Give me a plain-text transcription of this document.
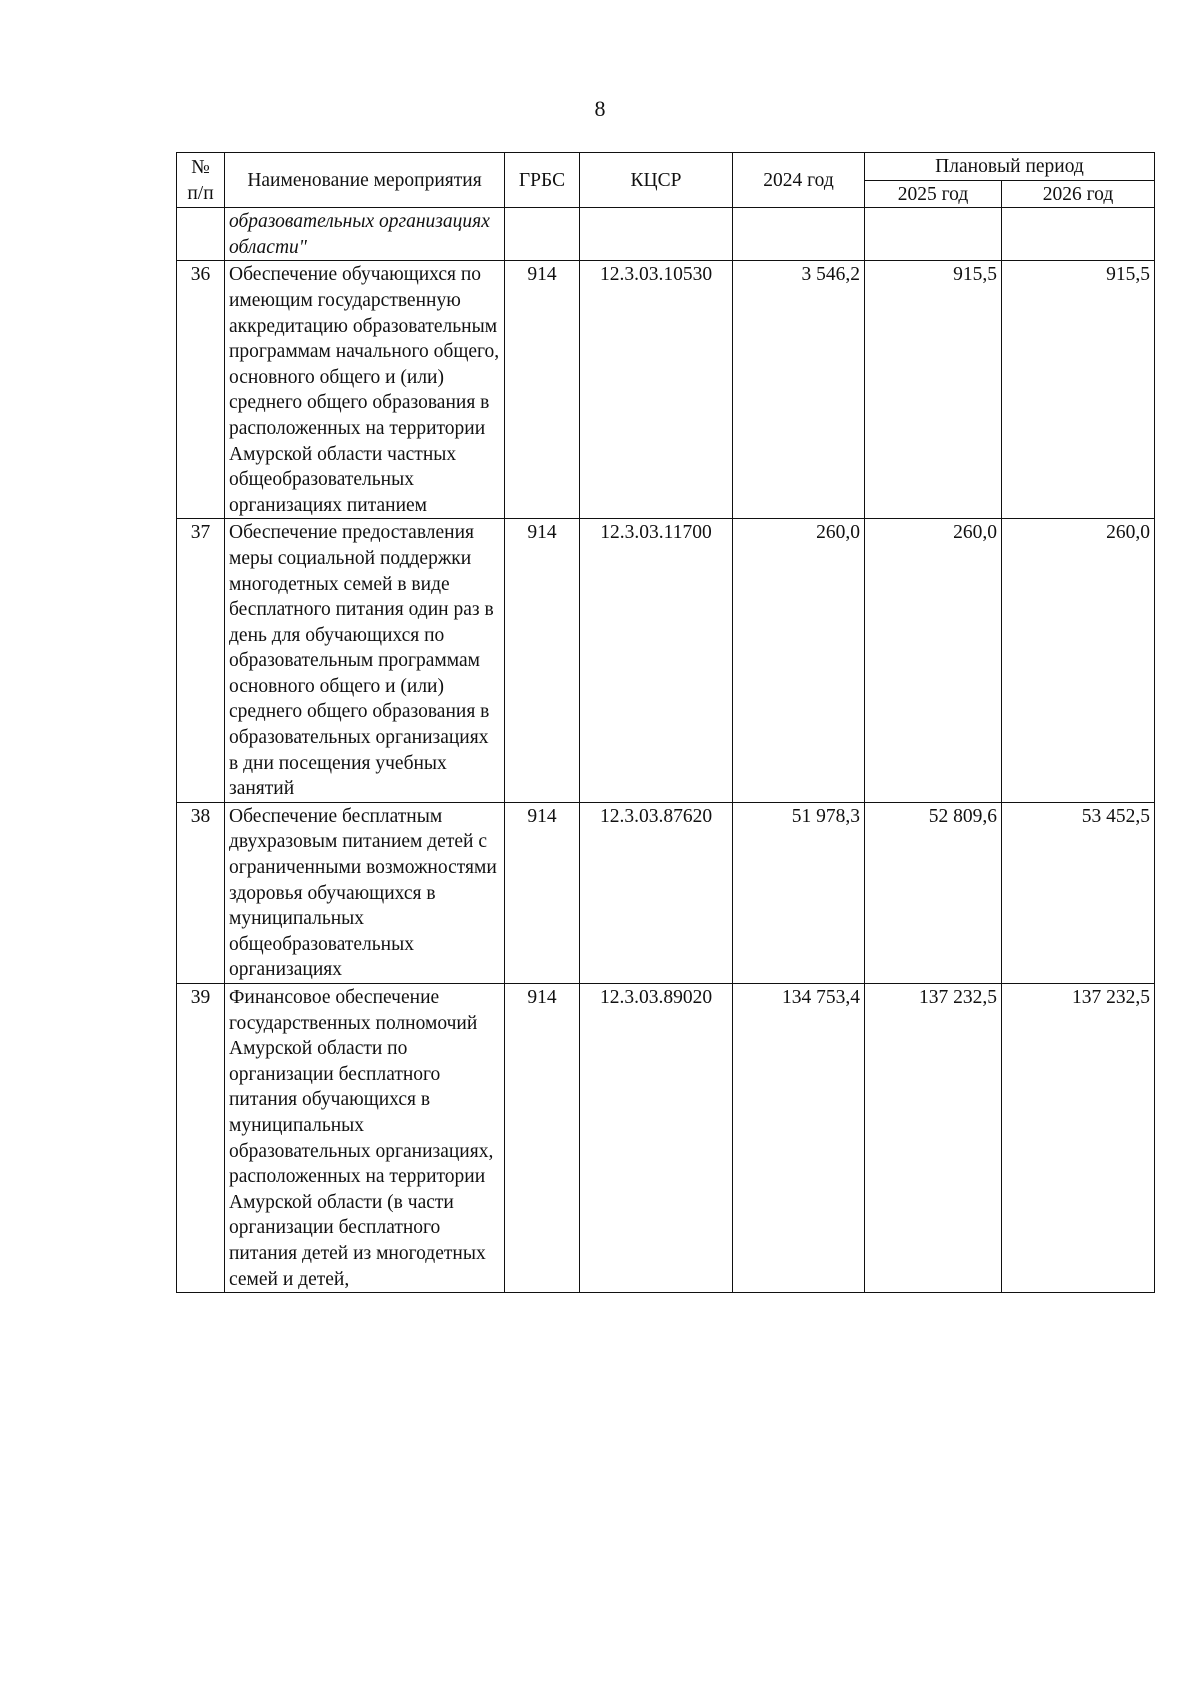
8
№ п/п	Наименование мероприятия	ГРБС	КЦСР	2024 год	Плановый период	
					2025 год	2026 год
	образовательных организациях области"					
36	Обеспечение обучающихся по имеющим государственную аккредитацию образовательным программам начального общего, основного общего и (или) среднего общего образования в расположенных на территории Амурской области частных общеобразовательных организациях питанием	914	12.3.03.10530	3 546,2	915,5	915,5
37	Обеспечение предоставления меры социальной поддержки многодетных семей в виде бесплатного питания один раз в день для обучающихся по образовательным программам основного общего и (или) среднего общего образования в образовательных организациях в дни посещения учебных занятий	914	12.3.03.11700	260,0	260,0	260,0
38	Обеспечение бесплатным двухразовым питанием детей с ограниченными возможностями здоровья обучающихся в муниципальных общеобразовательных организациях	914	12.3.03.87620	51 978,3	52 809,6	53 452,5
39	Финансовое обеспечение государственных полномочий Амурской области по организации бесплатного питания обучающихся в муниципальных образовательных организациях, расположенных на территории Амурской области (в части организации бесплатного питания детей из многодетных семей и детей,	914	12.3.03.89020	134 753,4	137 232,5	137 232,5
